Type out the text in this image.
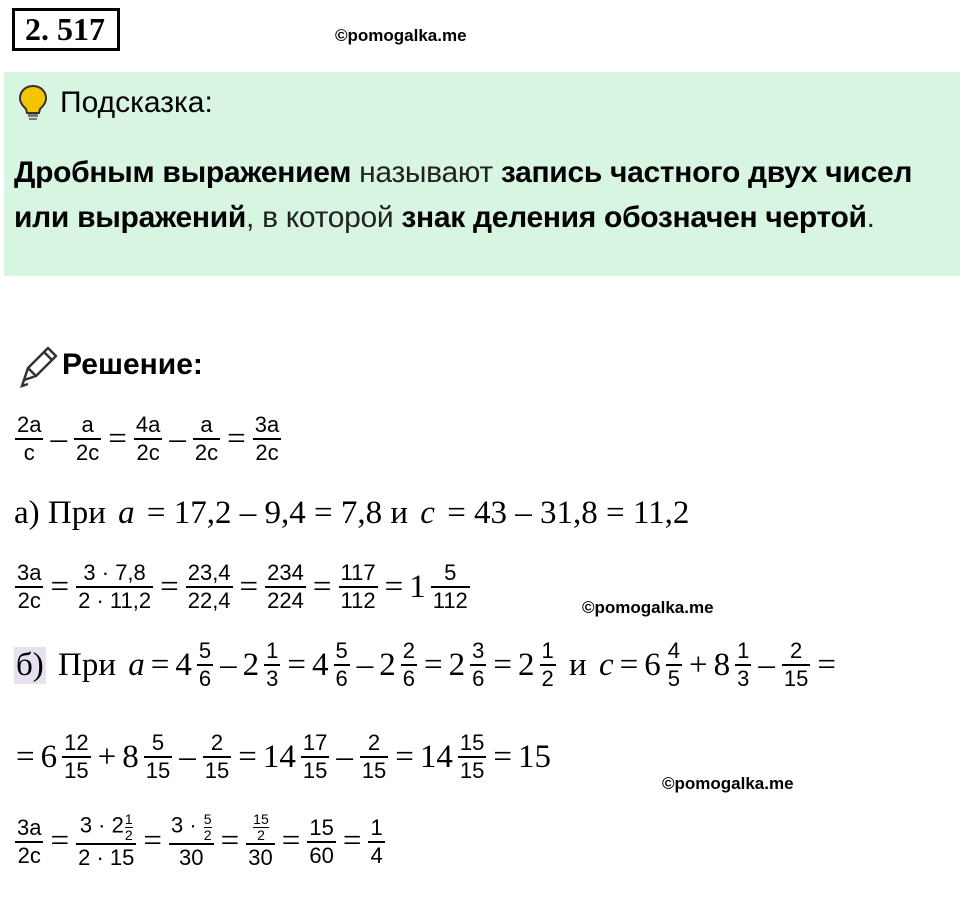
2. 517	©pomogalka.me
Подсказка:
Дробным выражением называют запись частного двух чисел или выражений, в которой знак деления обозначен чертой.
Решение:
$\frac{2a}{c} - \frac{a}{2c} = \frac{4a}{2c} - \frac{a}{2c} = \frac{3a}{2c}$
а) При a = 17,2 – 9,4 = 7,8 и c = 43 – 31,8 = 11,2
$\frac{3a}{2c} = \frac{3 \cdot 7,8}{2 \cdot 11,2} = \frac{23,4}{22,4} = \frac{234}{224} = \frac{117}{112} = 1 \frac{5}{112}$	©pomogalka.me
б) При $a = 4 \frac{5}{6} - 2 \frac{1}{3} = 4 \frac{5}{6} - 2 \frac{2}{6} = 2 \frac{3}{6} = 2 \frac{1}{2}$ и $c = 6 \frac{4}{5} + 8 \frac{1}{3} - \frac{2}{15}$ =
= $6 \frac{12}{15} + 8 \frac{5}{15} - \frac{2}{15} = 14 \frac{17}{15} - \frac{2}{15} = 14 \frac{15}{15} = 15$
©pomogalka.me
$\frac{3a}{2c} = \frac{3 \cdot 2 \frac{1}{2}}{2 \cdot 15} = \frac{3 \cdot \frac{5}{2}}{30} = \frac{\frac{15}{2}}{30} = \frac{15}{60} = \frac{1}{4}$
